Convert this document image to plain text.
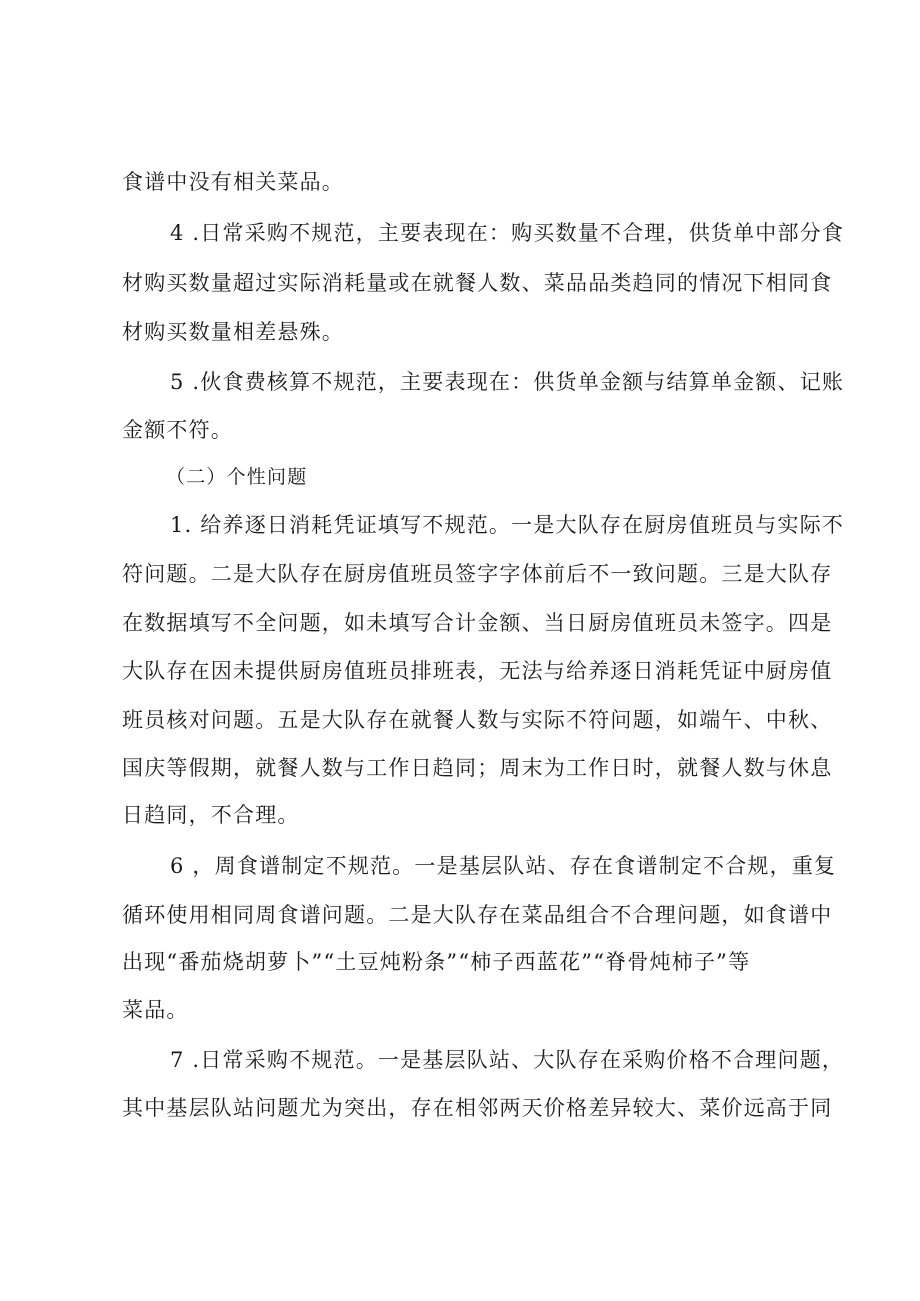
食谱中没有相关菜品。
4 .日常采购不规范，主要表现在：购买数量不合理，供货单中部分食
材购买数量超过实际消耗量或在就餐人数、菜品品类趋同的情况下相同食
材购买数量相差悬殊。
5 .伙食费核算不规范，主要表现在：供货单金额与结算单金额、记账
金额不符。
（二）个性问题
1. 给养逐日消耗凭证填写不规范。一是大队存在厨房值班员与实际不
符问题。二是大队存在厨房值班员签字字体前后不一致问题。三是大队存
在数据填写不全问题，如未填写合计金额、当日厨房值班员未签字。四是
大队存在因未提供厨房值班员排班表，无法与给养逐日消耗凭证中厨房值
班员核对问题。五是大队存在就餐人数与实际不符问题，如端午、中秋、
国庆等假期，就餐人数与工作日趋同；周末为工作日时，就餐人数与休息
日趋同，不合理。
6 ，周食谱制定不规范。一是基层队站、存在食谱制定不合规，重复
循环使用相同周食谱问题。二是大队存在菜品组合不合理问题，如食谱中
出现“番茄烧胡萝卜”“土豆炖粉条”“柿子西蓝花”“脊骨炖柿子”等
菜品。
7 .日常采购不规范。一是基层队站、大队存在采购价格不合理问题，
其中基层队站问题尤为突出，存在相邻两天价格差异较大、菜价远高于同
